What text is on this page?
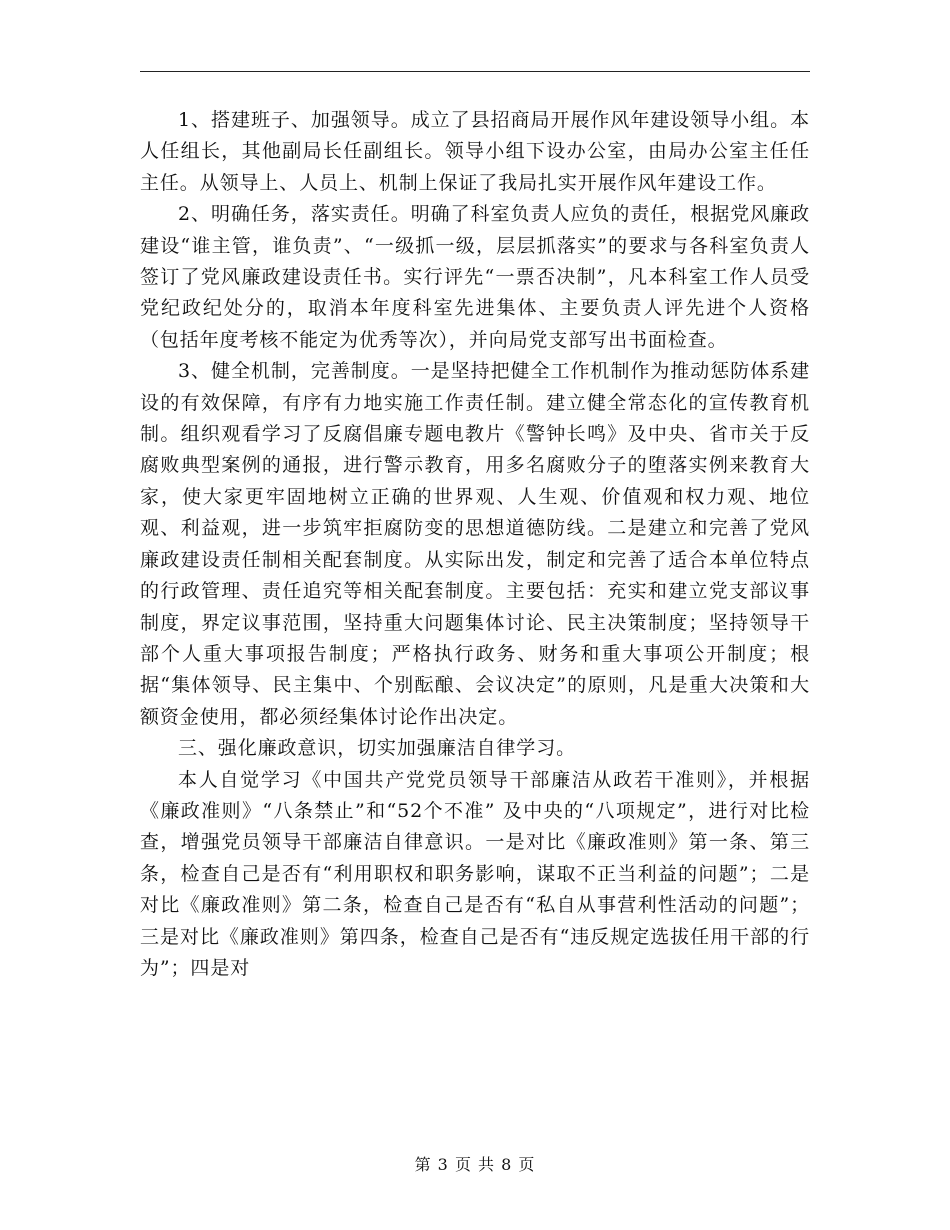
1、搭建班子、加强领导。成立了县招商局开展作风年建设领导小组。本人任组长，其他副局长任副组长。领导小组下设办公室，由局办公室主任任主任。从领导上、人员上、机制上保证了我局扎实开展作风年建设工作。

2、明确任务，落实责任。明确了科室负责人应负的责任，根据党风廉政建设“谁主管，谁负责”、“一级抓一级，层层抓落实”的要求与各科室负责人签订了党风廉政建设责任书。实行评先“一票否决制”，凡本科室工作人员受党纪政纪处分的，取消本年度科室先进集体、主要负责人评先进个人资格（包括年度考核不能定为优秀等次），并向局党支部写出书面检查。

3、健全机制，完善制度。一是坚持把健全工作机制作为推动惩防体系建设的有效保障，有序有力地实施工作责任制。建立健全常态化的宣传教育机制。组织观看学习了反腐倡廉专题电教片《警钟长鸣》及中央、省市关于反腐败典型案例的通报，进行警示教育，用多名腐败分子的堕落实例来教育大家，使大家更牢固地树立正确的世界观、人生观、价值观和权力观、地位观、利益观，进一步筑牢拒腐防变的思想道德防线。二是建立和完善了党风廉政建设责任制相关配套制度。从实际出发，制定和完善了适合本单位特点的行政管理、责任追究等相关配套制度。主要包括：充实和建立党支部议事制度，界定议事范围，坚持重大问题集体讨论、民主决策制度；坚持领导干部个人重大事项报告制度；严格执行政务、财务和重大事项公开制度；根据“集体领导、民主集中、个别酝酿、会议决定”的原则，凡是重大决策和大额资金使用，都必须经集体讨论作出决定。

三、强化廉政意识，切实加强廉洁自律学习。

本人自觉学习《中国共产党党员领导干部廉洁从政若干准则》，并根据《廉政准则》“八条禁止”和“52个不准” 及中央的“八项规定”，进行对比检查，增强党员领导干部廉洁自律意识。一是对比《廉政准则》第一条、第三条，检查自己是否有“利用职权和职务影响，谋取不正当利益的问题”；二是对比《廉政准则》第二条，检查自己是否有“私自从事营利性活动的问题”；三是对比《廉政准则》第四条，检查自己是否有“违反规定选拔任用干部的行为”；四是对

第 3 页 共 8 页
